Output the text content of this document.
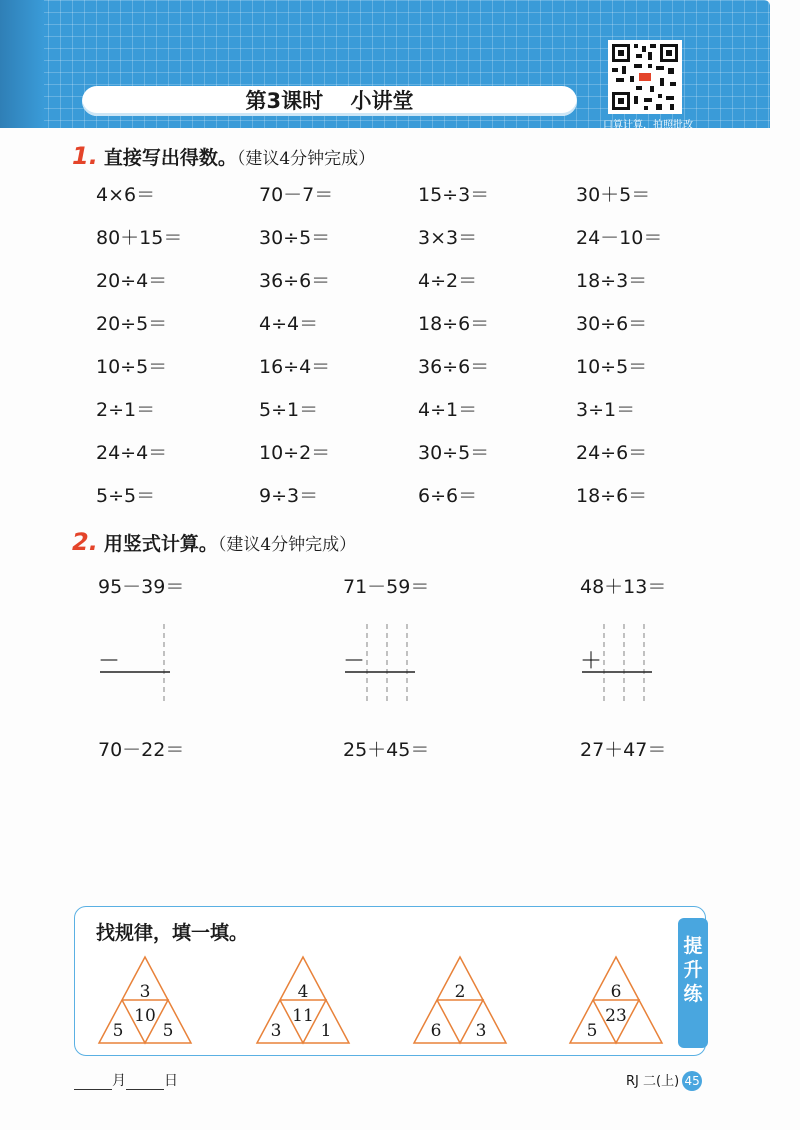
第3课时 小讲堂
口算计算，拍照批改
1. 直接写出得数。（建议4分钟完成）
4×6＝	70－7＝	15÷3＝	30＋5＝
80＋15＝	30÷5＝	3×3＝	24－10＝
20÷4＝	36÷6＝	4÷2＝	18÷3＝
20÷5＝	4÷4＝	18÷6＝	30÷6＝
10÷5＝	16÷4＝	36÷6＝	10÷5＝
2÷1＝	5÷1＝	4÷1＝	3÷1＝
24÷4＝	10÷2＝	30÷5＝	24÷6＝
5÷5＝	9÷3＝	6÷6＝	18÷6＝
2. 用竖式计算。（建议4分钟完成）
95－39＝	71－59＝	48＋13＝
－	－	＋
70－22＝	25＋45＝	27＋47＝
找规律，填一填。
提
升
练
3
10
5	5
4
11
3	1
2
6	3
6
23
5
月	日	RJ 二(上) 45
